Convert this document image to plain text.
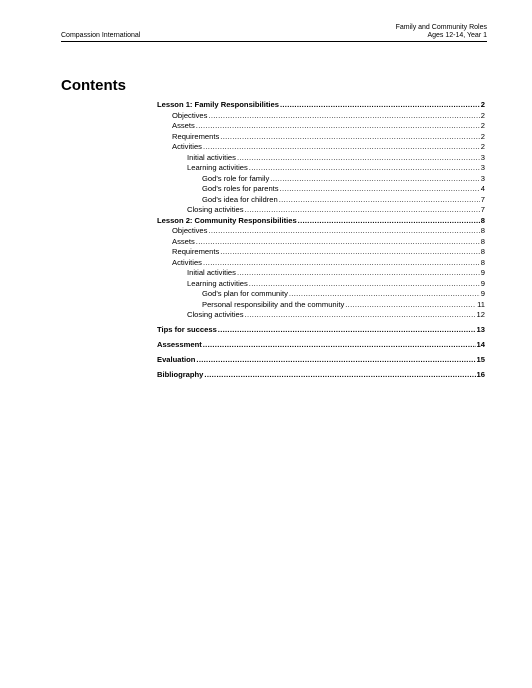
Compassion International
Family and Community Roles
Ages 12-14, Year 1
Contents
Lesson 1: Family Responsibilities .....	2
Objectives .....	2
Assets .....	2
Requirements .....	2
Activities .....	2
Initial activities .....	3
Learning activities .....	3
God's role for family .....	3
God's roles for parents .....	4
God's idea for children .....	7
Closing activities .....	7
Lesson 2: Community Responsibilities .....	8
Objectives .....	8
Assets .....	8
Requirements .....	8
Activities .....	8
Initial activities .....	9
Learning activities .....	9
God's plan for community .....	9
Personal responsibility and the community .....	11
Closing activities .....	12
Tips for success .....	13
Assessment .....	14
Evaluation .....	15
Bibliography .....	16
